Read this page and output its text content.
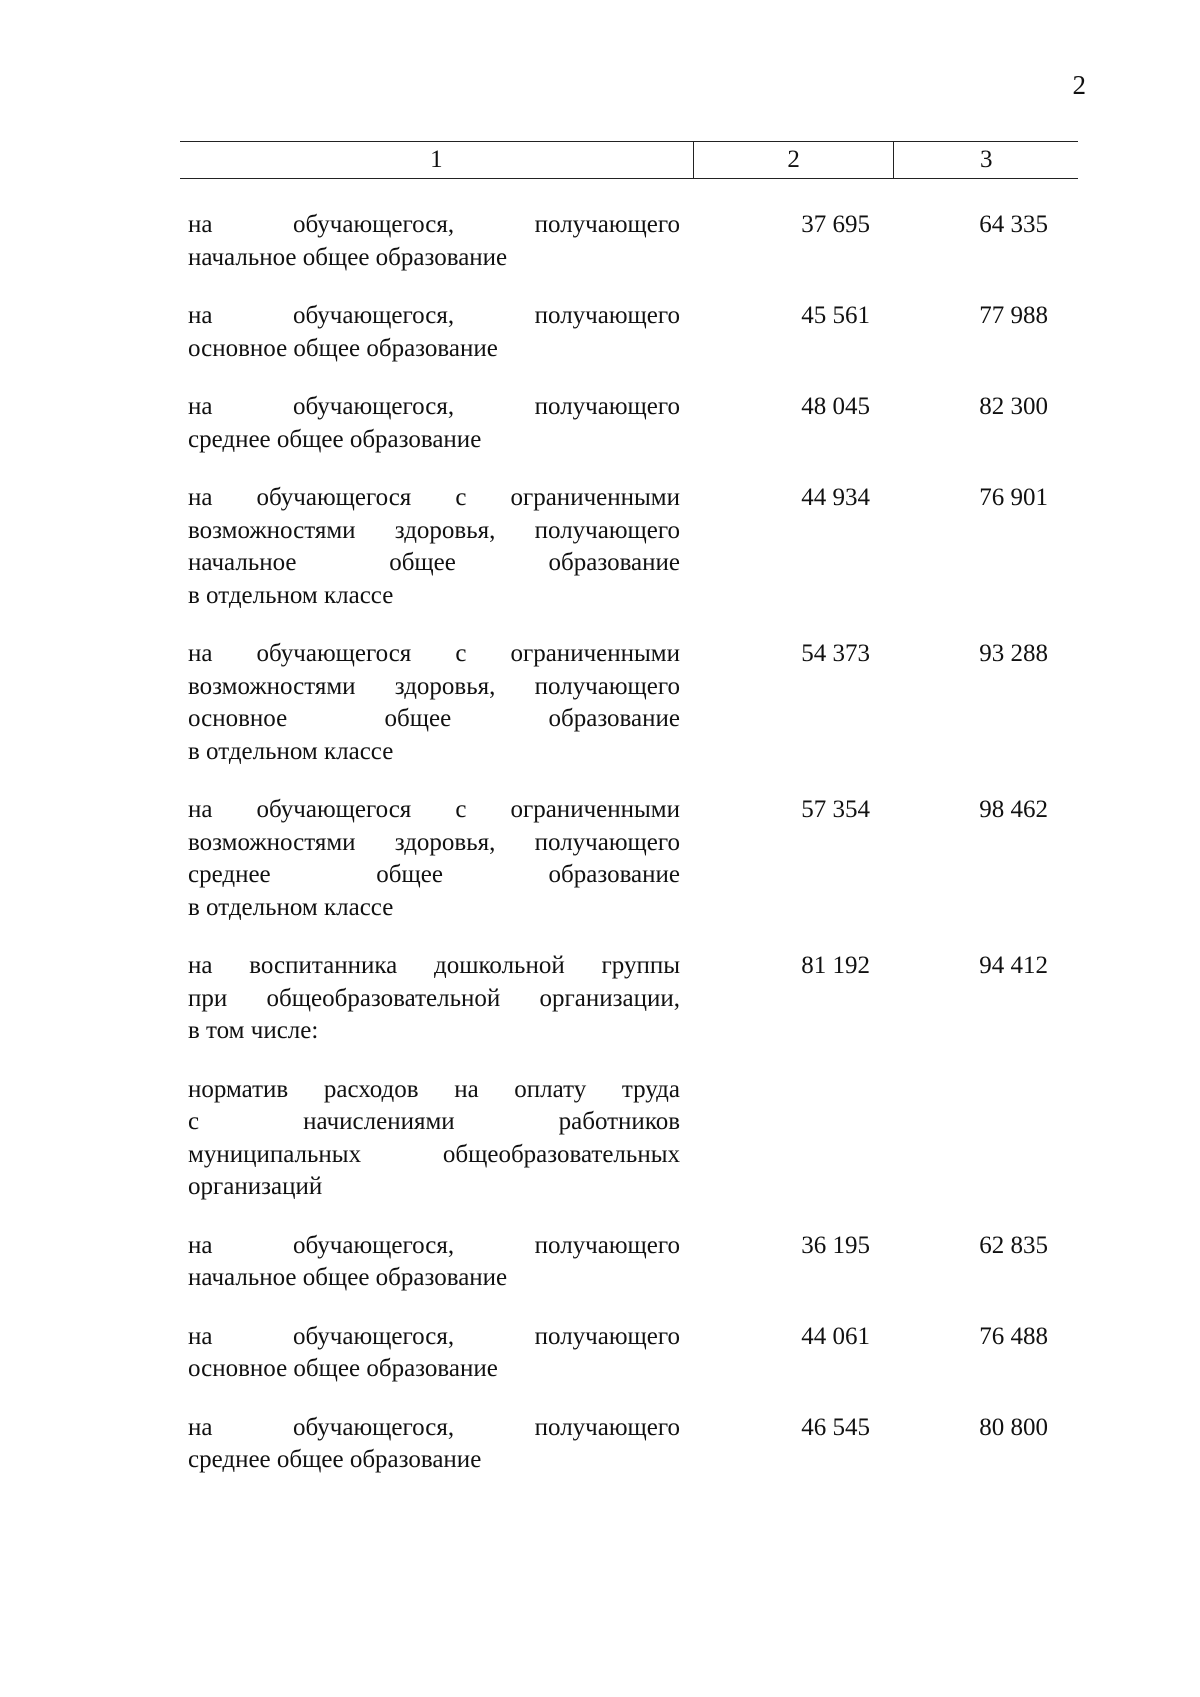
2
1	2	3
на обучающегося, получающего
начальное общее образование
37 695	64 335
на обучающегося, получающего
основное общее образование
45 561	77 988
на обучающегося, получающего
среднее общее образование
48 045	82 300
на обучающегося с ограниченными
возможностями здоровья, получающего
начальное общее образование
в отдельном классе
44 934	76 901
на обучающегося с ограниченными
возможностями здоровья, получающего
основное общее образование
в отдельном классе
54 373	93 288
на обучающегося с ограниченными
возможностями здоровья, получающего
среднее общее образование
в отдельном классе
57 354	98 462
на воспитанника дошкольной группы
при общеобразовательной организации,
в том числе:
81 192	94 412
норматив расходов на оплату труда
с начислениями работников
муниципальных общеобразовательных
организаций
на обучающегося, получающего
начальное общее образование
36 195	62 835
на обучающегося, получающего
основное общее образование
44 061	76 488
на обучающегося, получающего
среднее общее образование
46 545	80 800
